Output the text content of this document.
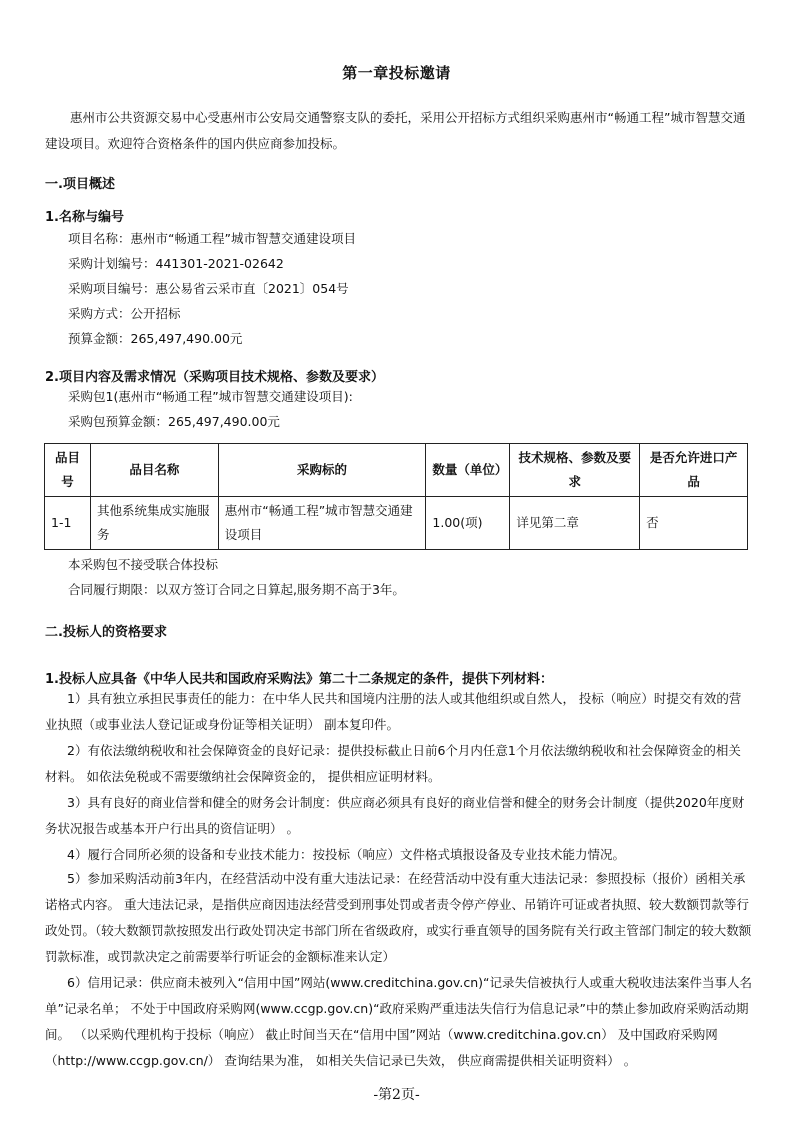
第一章投标邀请
惠州市公共资源交易中心受惠州市公安局交通警察支队的委托，采用公开招标方式组织采购惠州市“畅通工程”城市智慧交通建设项目。欢迎符合资格条件的国内供应商参加投标。
一.项目概述
1.名称与编号
项目名称：惠州市“畅通工程”城市智慧交通建设项目
采购计划编号：441301-2021-02642
采购项目编号：惠公易省云采市直〔2021〕054号
采购方式：公开招标
预算金额：265,497,490.00元
2.项目内容及需求情况（采购项目技术规格、参数及要求）
采购包1(惠州市“畅通工程”城市智慧交通建设项目):
采购包预算金额：265,497,490.00元
品目号	品目名称	采购标的	数量（单位）	技术规格、参数及要求	是否允许进口产品
1-1	其他系统集成实施服务	惠州市“畅通工程”城市智慧交通建设项目	1.00(项)	详见第二章	否
本采购包不接受联合体投标
合同履行期限：以双方签订合同之日算起,服务期不高于3年。
二.投标人的资格要求
1.投标人应具备《中华人民共和国政府采购法》第二十二条规定的条件，提供下列材料：
1）具有独立承担民事责任的能力：在中华人民共和国境内注册的法人或其他组织或自然人， 投标（响应）时提交有效的营业执照（或事业法人登记证或身份证等相关证明） 副本复印件。
2）有依法缴纳税收和社会保障资金的良好记录：提供投标截止日前6个月内任意1个月依法缴纳税收和社会保障资金的相关材料。 如依法免税或不需要缴纳社会保障资金的， 提供相应证明材料。
3）具有良好的商业信誉和健全的财务会计制度：供应商必须具有良好的商业信誉和健全的财务会计制度（提供2020年度财务状况报告或基本开户行出具的资信证明） 。
4）履行合同所必须的设备和专业技术能力：按投标（响应）文件格式填报设备及专业技术能力情况。
5）参加采购活动前3年内，在经营活动中没有重大违法记录：在经营活动中没有重大违法记录：参照投标（报价）函相关承诺格式内容。 重大违法记录，是指供应商因违法经营受到刑事处罚或者责令停产停业、吊销许可证或者执照、较大数额罚款等行政处罚。（较大数额罚款按照发出行政处罚决定书部门所在省级政府，或实行垂直领导的国务院有关行政主管部门制定的较大数额罚款标准，或罚款决定之前需要举行听证会的金额标准来认定）
6）信用记录：供应商未被列入“信用中国”网站(www.creditchina.gov.cn)“记录失信被执行人或重大税收违法案件当事人名单”记录名单； 不处于中国政府采购网(www.ccgp.gov.cn)“政府采购严重违法失信行为信息记录”中的禁止参加政府采购活动期间。 （以采购代理机构于投标（响应） 截止时间当天在“信用中国”网站（www.creditchina.gov.cn） 及中国政府采购网（http://www.ccgp.gov.cn/） 查询结果为准， 如相关失信记录已失效， 供应商需提供相关证明资料） 。
-第2页-
